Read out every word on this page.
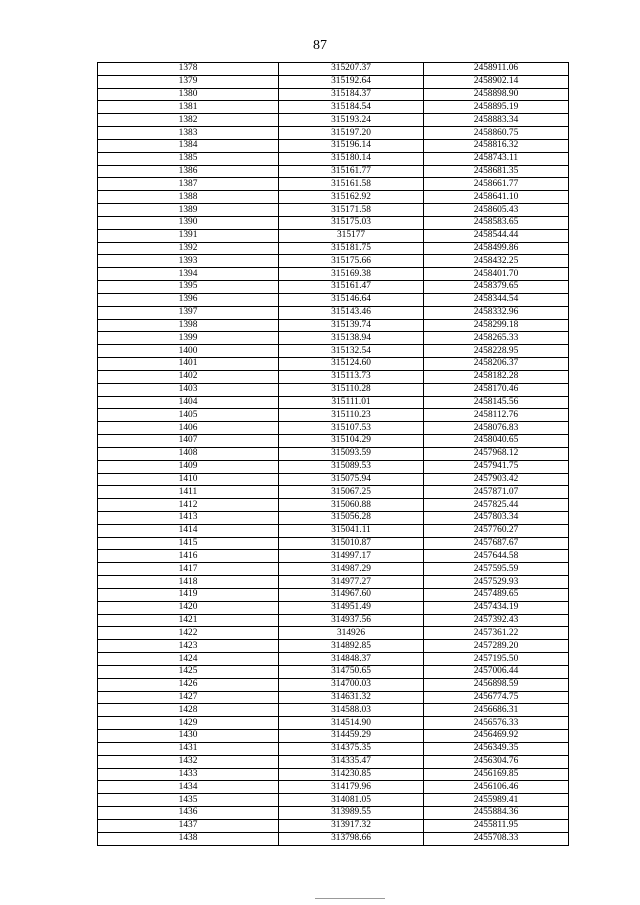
87
1378	315207.37	2458911.06
1379	315192.64	2458902.14
1380	315184.37	2458898.90
1381	315184.54	2458895.19
1382	315193.24	2458883.34
1383	315197.20	2458860.75
1384	315196.14	2458816.32
1385	315180.14	2458743.11
1386	315161.77	2458681.35
1387	315161.58	2458661.77
1388	315162.92	2458641.10
1389	315171.58	2458605.43
1390	315175.03	2458583.65
1391	315177	2458544.44
1392	315181.75	2458499.86
1393	315175.66	2458432.25
1394	315169.38	2458401.70
1395	315161.47	2458379.65
1396	315146.64	2458344.54
1397	315143.46	2458332.96
1398	315139.74	2458299.18
1399	315138.94	2458265.33
1400	315132.54	2458228.95
1401	315124.60	2458206.37
1402	315113.73	2458182.28
1403	315110.28	2458170.46
1404	315111.01	2458145.56
1405	315110.23	2458112.76
1406	315107.53	2458076.83
1407	315104.29	2458040.65
1408	315093.59	2457968.12
1409	315089.53	2457941.75
1410	315075.94	2457903.42
1411	315067.25	2457871.07
1412	315060.88	2457825.44
1413	315056.28	2457803.34
1414	315041.11	2457760.27
1415	315010.87	2457687.67
1416	314997.17	2457644.58
1417	314987.29	2457595.59
1418	314977.27	2457529.93
1419	314967.60	2457489.65
1420	314951.49	2457434.19
1421	314937.56	2457392.43
1422	314926	2457361.22
1423	314892.85	2457289.20
1424	314848.37	2457195.50
1425	314750.65	2457006.44
1426	314700.03	2456898.59
1427	314631.32	2456774.75
1428	314588.03	2456686.31
1429	314514.90	2456576.33
1430	314459.29	2456469.92
1431	314375.35	2456349.35
1432	314335.47	2456304.76
1433	314230.85	2456169.85
1434	314179.96	2456106.46
1435	314081.05	2455989.41
1436	313989.55	2455884.36
1437	313917.32	2455811.95
1438	313798.66	2455708.33
